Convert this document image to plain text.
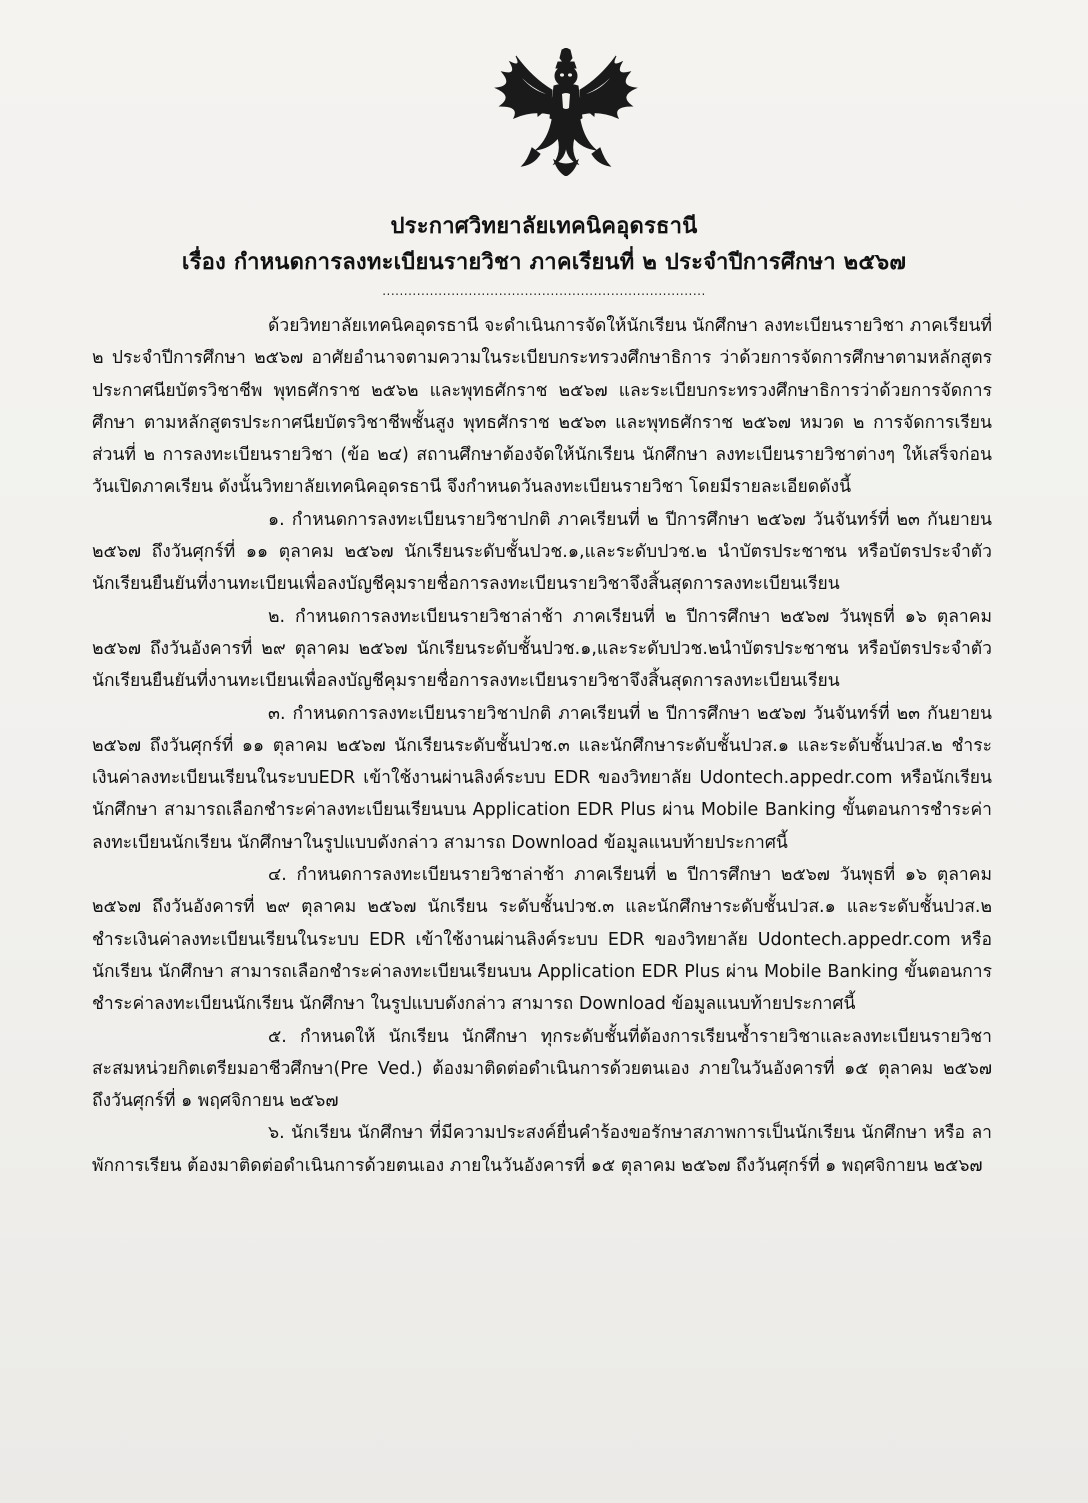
ประกาศวิทยาลัยเทคนิคอุดรธานี
เรื่อง กำหนดการลงทะเบียนรายวิชา ภาคเรียนที่ ๒ ประจำปีการศึกษา ๒๕๖๗
...........................................................................

ด้วยวิทยาลัยเทคนิคอุดรธานี จะดำเนินการจัดให้นักเรียน นักศึกษา ลงทะเบียนรายวิชา ภาคเรียนที่ ๒ ประจำปีการศึกษา ๒๕๖๗ อาศัยอำนาจตามความในระเบียบกระทรวงศึกษาธิการ ว่าด้วยการจัดการศึกษาตามหลักสูตรประกาศนียบัตรวิชาชีพ พุทธศักราช ๒๕๖๒ และพุทธศักราช ๒๕๖๗ และระเบียบกระทรวงศึกษาธิการว่าด้วยการจัดการศึกษา ตามหลักสูตรประกาศนียบัตรวิชาชีพชั้นสูง พุทธศักราช ๒๕๖๓ และพุทธศักราช ๒๕๖๗ หมวด ๒ การจัดการเรียน ส่วนที่ ๒ การลงทะเบียนรายวิชา (ข้อ ๒๔) สถานศึกษาต้องจัดให้นักเรียน นักศึกษา ลงทะเบียนรายวิชาต่างๆ ให้เสร็จก่อนวันเปิดภาคเรียน ดังนั้นวิทยาลัยเทคนิคอุดรธานี จึงกำหนดวันลงทะเบียนรายวิชา โดยมีรายละเอียดดังนี้

๑. กำหนดการลงทะเบียนรายวิชาปกติ ภาคเรียนที่ ๒ ปีการศึกษา ๒๕๖๗ วันจันทร์ที่ ๒๓ กันยายน ๒๕๖๗ ถึงวันศุกร์ที่ ๑๑ ตุลาคม ๒๕๖๗ นักเรียนระดับชั้นปวช.๑,และระดับปวช.๒ นำบัตรประชาชน หรือบัตรประจำตัวนักเรียนยืนยันที่งานทะเบียนเพื่อลงบัญชีคุมรายชื่อการลงทะเบียนรายวิชาจึงสิ้นสุดการลงทะเบียนเรียน

๒. กำหนดการลงทะเบียนรายวิชาล่าช้า ภาคเรียนที่ ๒ ปีการศึกษา ๒๕๖๗ วันพุธที่ ๑๖ ตุลาคม ๒๕๖๗ ถึงวันอังคารที่ ๒๙ ตุลาคม ๒๕๖๗ นักเรียนระดับชั้นปวช.๑,และระดับปวช.๒นำบัตรประชาชน หรือบัตรประจำตัวนักเรียนยืนยันที่งานทะเบียนเพื่อลงบัญชีคุมรายชื่อการลงทะเบียนรายวิชาจึงสิ้นสุดการลงทะเบียนเรียน

๓. กำหนดการลงทะเบียนรายวิชาปกติ ภาคเรียนที่ ๒ ปีการศึกษา ๒๕๖๗ วันจันทร์ที่ ๒๓ กันยายน ๒๕๖๗ ถึงวันศุกร์ที่ ๑๑ ตุลาคม ๒๕๖๗ นักเรียนระดับชั้นปวช.๓ และนักศึกษาระดับชั้นปวส.๑ และระดับชั้นปวส.๒ ชำระเงินค่าลงทะเบียนเรียนในระบบEDR เข้าใช้งานผ่านลิงค์ระบบ EDR ของวิทยาลัย Udontech.appedr.com หรือนักเรียน นักศึกษา สามารถเลือกชำระค่าลงทะเบียนเรียนบน Application EDR Plus ผ่าน Mobile Banking ขั้นตอนการชำระค่าลงทะเบียนนักเรียน นักศึกษาในรูปแบบดังกล่าว สามารถ Download ข้อมูลแนบท้ายประกาศนี้

๔. กำหนดการลงทะเบียนรายวิชาล่าช้า ภาคเรียนที่ ๒ ปีการศึกษา ๒๕๖๗ วันพุธที่ ๑๖ ตุลาคม ๒๕๖๗ ถึงวันอังคารที่ ๒๙ ตุลาคม ๒๕๖๗ นักเรียน ระดับชั้นปวช.๓ และนักศึกษาระดับชั้นปวส.๑ และระดับชั้นปวส.๒ ชำระเงินค่าลงทะเบียนเรียนในระบบ EDR เข้าใช้งานผ่านลิงค์ระบบ EDR ของวิทยาลัย Udontech.appedr.com หรือนักเรียน นักศึกษา สามารถเลือกชำระค่าลงทะเบียนเรียนบน Application EDR Plus ผ่าน Mobile Banking ขั้นตอนการชำระค่าลงทะเบียนนักเรียน นักศึกษา ในรูปแบบดังกล่าว สามารถ Download ข้อมูลแนบท้ายประกาศนี้

๕. กำหนดให้ นักเรียน นักศึกษา ทุกระดับชั้นที่ต้องการเรียนซ้ำรายวิชาและลงทะเบียนรายวิชาสะสมหน่วยกิตเตรียมอาชีวศึกษา(Pre Ved.) ต้องมาติดต่อดำเนินการด้วยตนเอง ภายในวันอังคารที่ ๑๕ ตุลาคม ๒๕๖๗ ถึงวันศุกร์ที่ ๑ พฤศจิกายน ๒๕๖๗

๖. นักเรียน นักศึกษา ที่มีความประสงค์ยื่นคำร้องขอรักษาสภาพการเป็นนักเรียน นักศึกษา หรือ ลาพักการเรียน ต้องมาติดต่อดำเนินการด้วยตนเอง ภายในวันอังคารที่ ๑๕ ตุลาคม ๒๕๖๗ ถึงวันศุกร์ที่ ๑ พฤศจิกายน ๒๕๖๗
